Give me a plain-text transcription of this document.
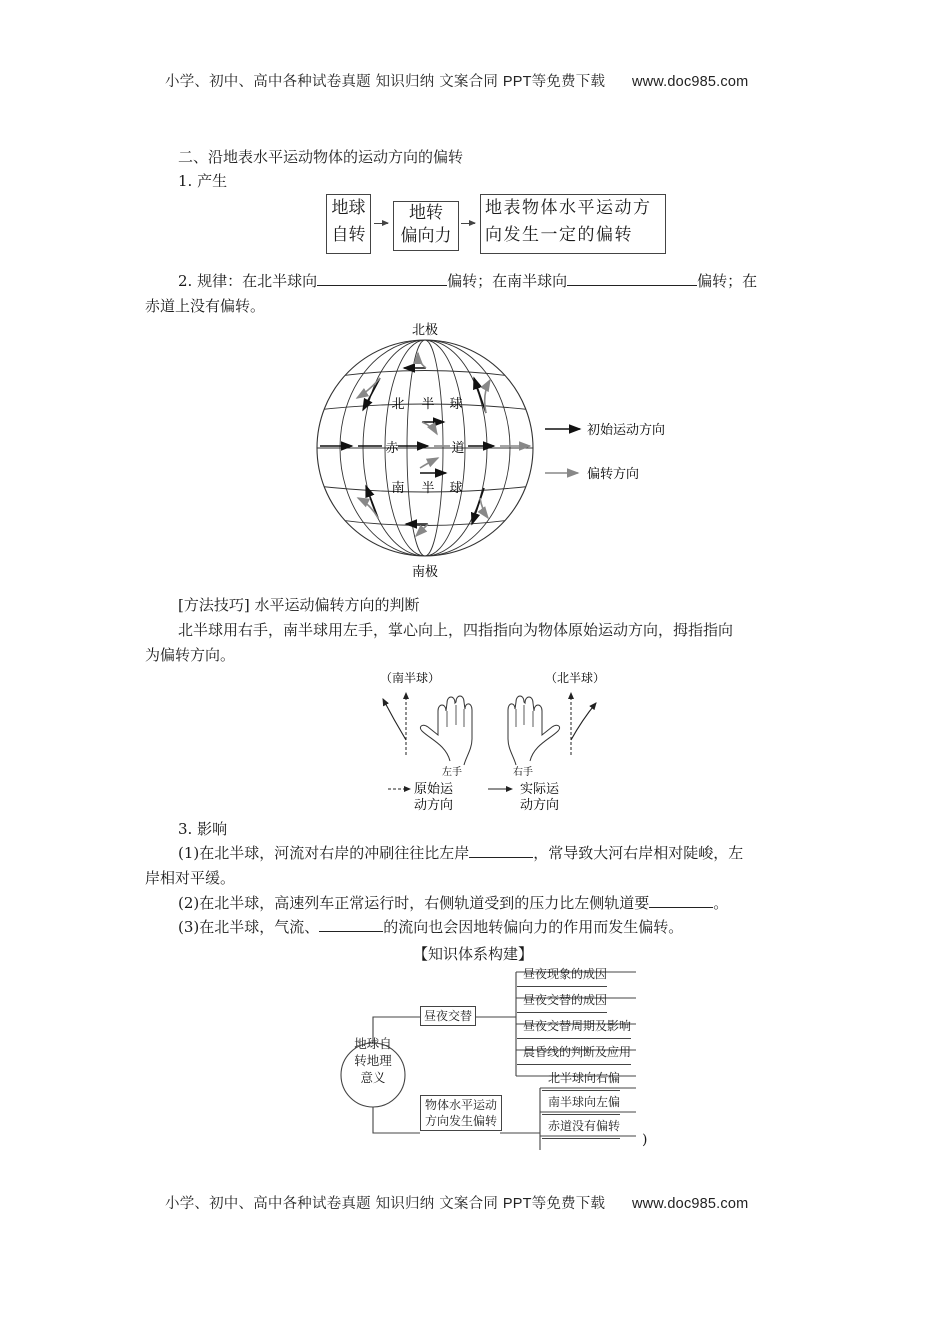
小学、初中、高中各种试卷真题 知识归纳 文案合同 PPT等免费下载 www.doc985.com
二、沿地表水平运动物体的运动方向的偏转
1. 产生
地球
自转
地转
偏向力
地表物体水平运动方
向发生一定的偏转
2. 规律：在北半球向	偏转；在南半球向	偏转；在
赤道上没有偏转。
北极
南极
北 半 球
赤	道
南 半 球
初始运动方向
偏转方向
[方法技巧] 水平运动偏转方向的判断
北半球用右手，南半球用左手，掌心向上，四指指向为物体原始运动方向，拇指指向
为偏转方向。
（南半球）	（北半球）
左手	右手
原始运
动方向
实际运
动方向
3. 影响
(1)在北半球，河流对右岸的冲刷往往比左岸	，常导致大河右岸相对陡峻，左
岸相对平缓。
(2)在北半球，高速列车正常运行时，右侧轨道受到的压力比左侧轨道要	。
(3)在北半球，气流、	的流向也会因地转偏向力的作用而发生偏转。
【知识体系构建】
地球自
转地理
意义
昼夜交替
昼夜现象的成因
昼夜交替的成因
昼夜交替周期及影响
晨昏线的判断及应用
物体水平运动
方向发生偏转
北半球向右偏
南半球向左偏
赤道没有偏转
)
小学、初中、高中各种试卷真题 知识归纳 文案合同 PPT等免费下载 www.doc985.com
